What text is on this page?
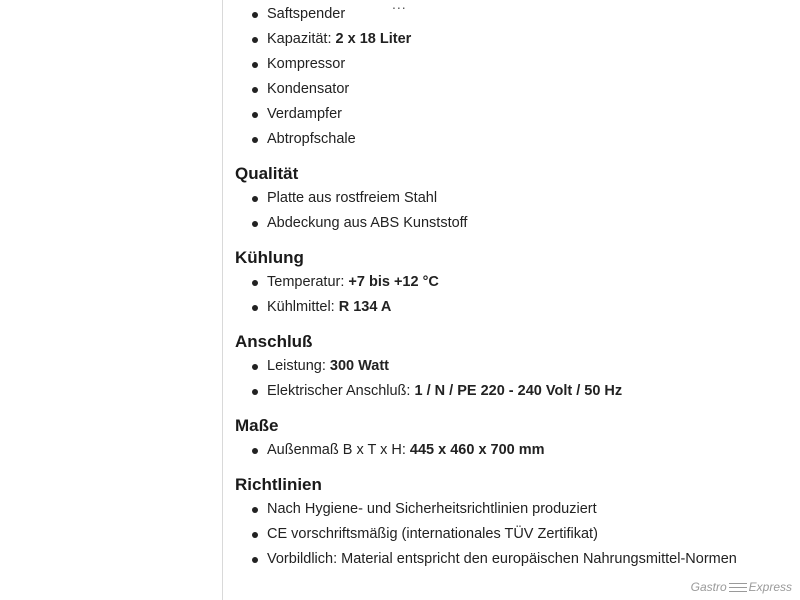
...
Saftspender
Kapazität: 2 x 18 Liter
Kompressor
Kondensator
Verdampfer
Abtropfschale
Qualität
Platte aus rostfreiem Stahl
Abdeckung aus ABS Kunststoff
Kühlung
Temperatur: +7 bis +12 °C
Kühlmittel: R 134 A
Anschluß
Leistung: 300 Watt
Elektrischer Anschluß: 1 / N / PE 220 - 240 Volt / 50 Hz
Maße
Außenmaß B x T x H: 445 x 460 x 700 mm
Richtlinien
Nach Hygiene- und Sicherheitsrichtlinien produziert
CE vorschriftsmäßig (internationales TÜV Zertifikat)
Vorbildlich: Material entspricht den europäischen Nahrungsmittel-Normen
Gastro Express
